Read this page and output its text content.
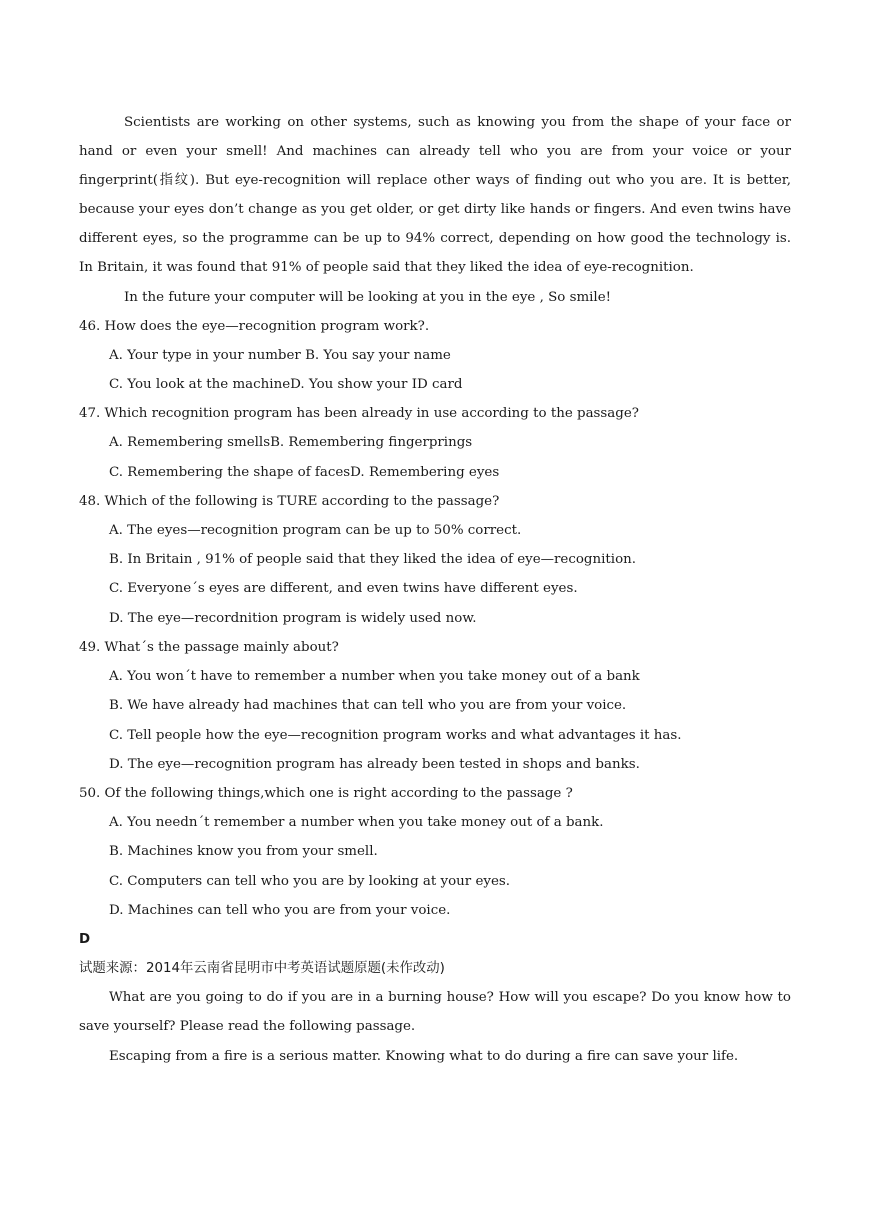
Scientists are working on other systems, such as knowing you from the shape of your face or hand or even your smell! And machines can already tell who you are from your voice or your fingerprint(指纹). But eye-recognition will replace other ways of finding out who you are. It is better, because your eyes don’t change as you get older, or get dirty like hands or fingers. And even twins have different eyes, so the programme can be up to 94% correct, depending on how good the technology is. In Britain, it was found that 91% of people said that they liked the idea of eye-recognition.

In the future your computer will be looking at you in the eye , So smile!

46. How does the eye—recognition program work?.

A. Your type in your number B. You say your name

C. You look at the machineD. You show your ID card

47. Which recognition program has been already in use according to the passage?

A. Remembering smellsB. Remembering fingerprings

C. Remembering the shape of facesD. Remembering eyes

48. Which of the following is TURE according to the passage?

A. The eyes—recognition program can be up to 50% correct.

B. In Britain , 91% of people said that they liked the idea of eye—recognition.

C. Everyone΄s eyes are different, and even twins have different eyes.

D. The eye—recordnition program is widely used now.

49. What΄s the passage mainly about?

A. You won΄t have to remember a number when you take money out of a bank

B. We have already had machines that can tell who you are from your voice.

C. Tell people how the eye—recognition program works and what advantages it has.

D. The eye—recognition program has already been tested in shops and banks.

50. Of the following things,which one is right according to the passage ?

A. You needn΄t remember a number when you take money out of a bank.

B. Machines know you from your smell.

C. Computers can tell who you are by looking at your eyes.

D. Machines can tell who you are from your voice.

D

试题来源：2014年云南省昆明市中考英语试题原题(未作改动)

What are you going to do if you are in a burning house? How will you escape? Do you know how to save yourself? Please read the following passage.

Escaping from a fire is a serious matter. Knowing what to do during a fire can save your life.
